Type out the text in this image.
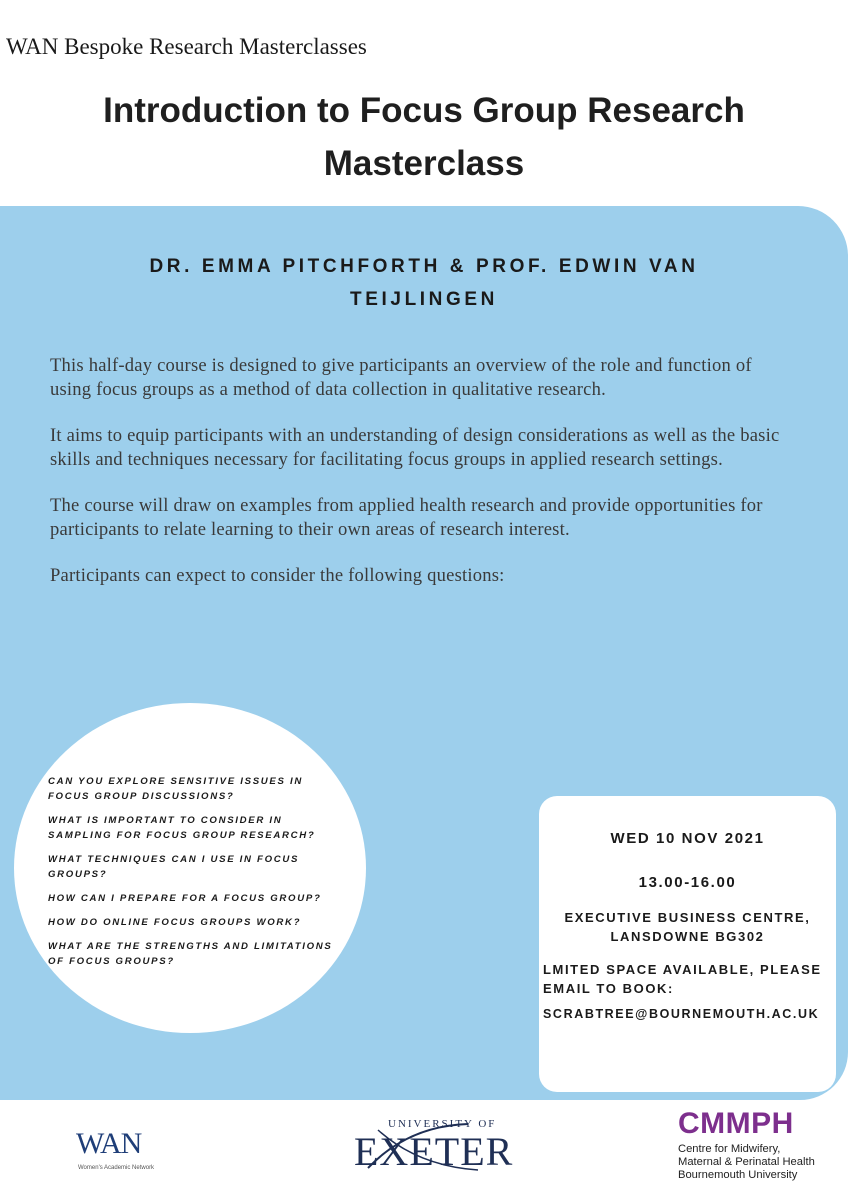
WAN Bespoke Research Masterclasses
Introduction to Focus Group Research
Masterclass
DR. EMMA PITCHFORTH & PROF. EDWIN VAN
TEIJLINGEN

This half-day course is designed to give participants an overview of the role and function of using focus groups as a method of data collection in qualitative research.

It aims to equip participants with an understanding of design considerations as well as the basic skills and techniques necessary for facilitating focus groups in applied research settings.

The course will draw on examples from applied health research and provide opportunities for participants to relate learning to their own areas of research interest.

Participants can expect to consider the following questions:

CAN YOU EXPLORE SENSITIVE ISSUES IN FOCUS GROUP DISCUSSIONS?
WHAT IS IMPORTANT TO CONSIDER IN SAMPLING FOR FOCUS GROUP RESEARCH?
WHAT TECHNIQUES CAN I USE IN FOCUS GROUPS?
HOW CAN I PREPARE FOR A FOCUS GROUP?
HOW DO ONLINE FOCUS GROUPS WORK?
WHAT ARE THE STRENGTHS AND LIMITATIONS OF FOCUS GROUPS?

WED 10 NOV 2021

13.00-16.00

EXECUTIVE BUSINESS CENTRE,
LANSDOWNE BG302

LMITED SPACE AVAILABLE, PLEASE EMAIL TO BOOK:

SCRABTREE@BOURNEMOUTH.AC.UK

WAN
Women's Academic Network
UNIVERSITY OF
EXETER
CMMPH
Centre for Midwifery,
Maternal & Perinatal Health
Bournemouth University
